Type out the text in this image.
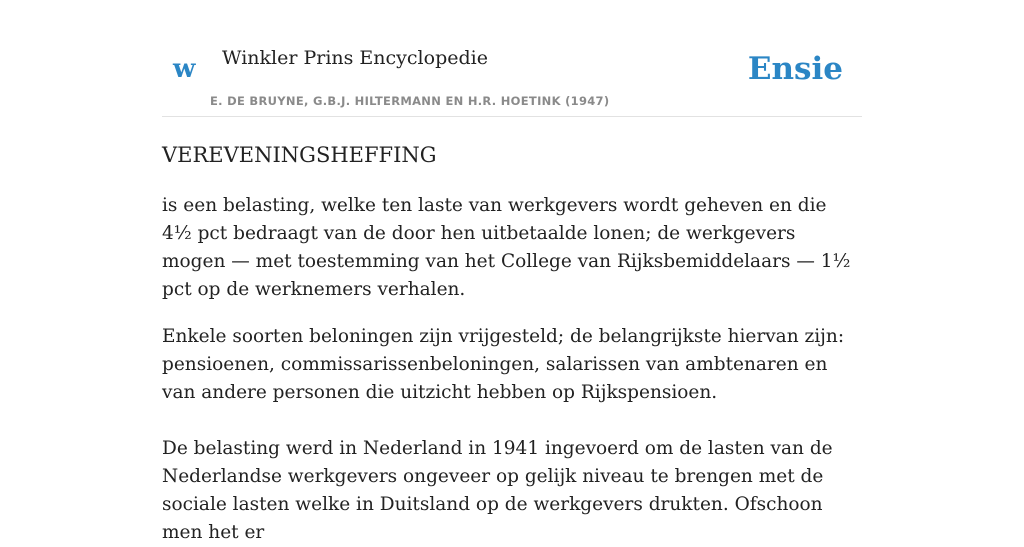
w Winkler Prins Encyclopedie
E. DE BRUYNE, G.B.J. HILTERMANN EN H.R. HOETINK (1947)
Ensie
VEREVENINGSHEFFING

is een belasting, welke ten laste van werkgevers wordt geheven en die 4½ pct bedraagt van de door hen uitbetaalde lonen; de werkgevers mogen — met toestemming van het College van Rijksbemiddelaars — 1½ pct op de werknemers verhalen.

Enkele soorten beloningen zijn vrijgesteld; de belangrijkste hiervan zijn: pensioenen, commissarissenbeloningen, salarissen van ambtenaren en van andere personen die uitzicht hebben op Rijkspensioen.

De belasting werd in Nederland in 1941 ingevoerd om de lasten van de Nederlandse werkgevers ongeveer op gelijk niveau te brengen met de sociale lasten welke in Duitsland op de werkgevers drukten. Ofschoon men het er
